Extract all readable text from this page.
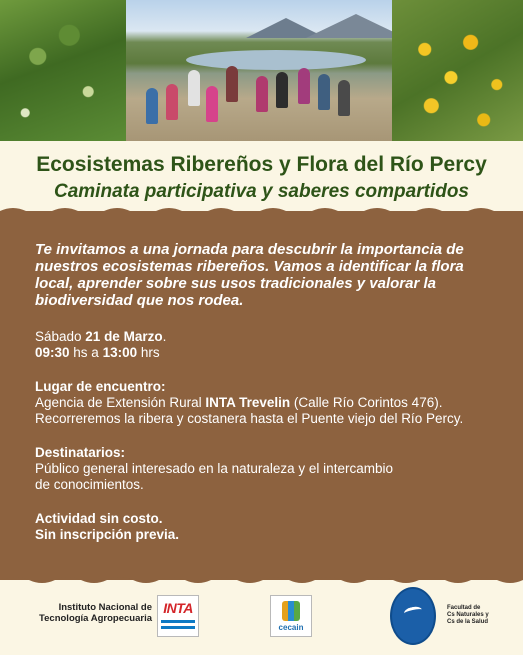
Ecosistemas Ribereños y Flora del Río Percy
Caminata participativa y saberes compartidos

Te invitamos a una jornada para descubrir la importancia de nuestros ecosistemas ribereños. Vamos a identificar la flora local, aprender sobre sus usos tradicionales y valorar la biodiversidad que nos rodea.

Sábado 21 de Marzo.

09:30 hs a 13:00 hrs

Lugar de encuentro:

Agencia de Extensión Rural INTA Trevelin (Calle Río Corintos 476).

Recorreremos la ribera y costanera hasta el Puente viejo del Río Percy.

Destinatarios:

Público general interesado en la naturaleza y el intercambio

de conocimientos.

Actividad sin costo.

Sin inscripción previa.

Instituto Nacional de
Tecnología Agropecuaria
INTA
cecain
Facultad de
Cs Naturales y
Cs de la Salud
